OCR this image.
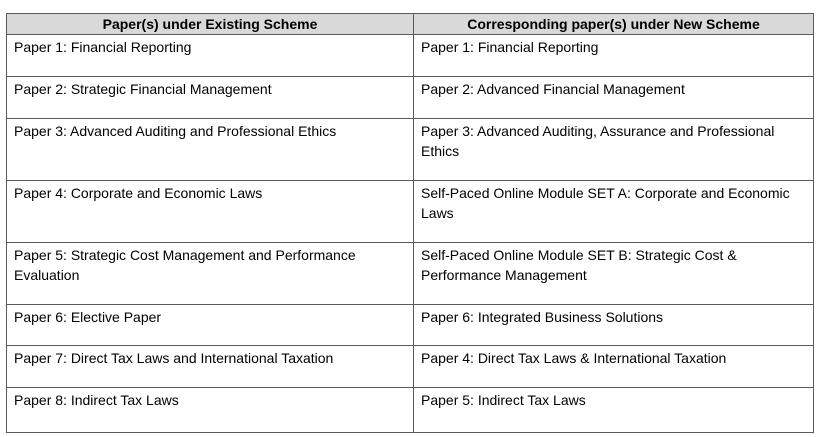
Paper(s) under Existing Scheme	Corresponding paper(s) under New Scheme
Paper 1: Financial Reporting	Paper 1: Financial Reporting
Paper 2: Strategic Financial Management	Paper 2: Advanced Financial Management
Paper 3: Advanced Auditing and Professional Ethics	Paper 3: Advanced Auditing, Assurance and Professional Ethics
Paper 4: Corporate and Economic Laws	Self-Paced Online Module SET A: Corporate and Economic Laws
Paper 5: Strategic Cost Management and Performance Evaluation	Self-Paced Online Module SET B: Strategic Cost & Performance Management
Paper 6: Elective Paper	Paper 6: Integrated Business Solutions
Paper 7: Direct Tax Laws and International Taxation	Paper 4: Direct Tax Laws & International Taxation
Paper 8: Indirect Tax Laws	Paper 5: Indirect Tax Laws
